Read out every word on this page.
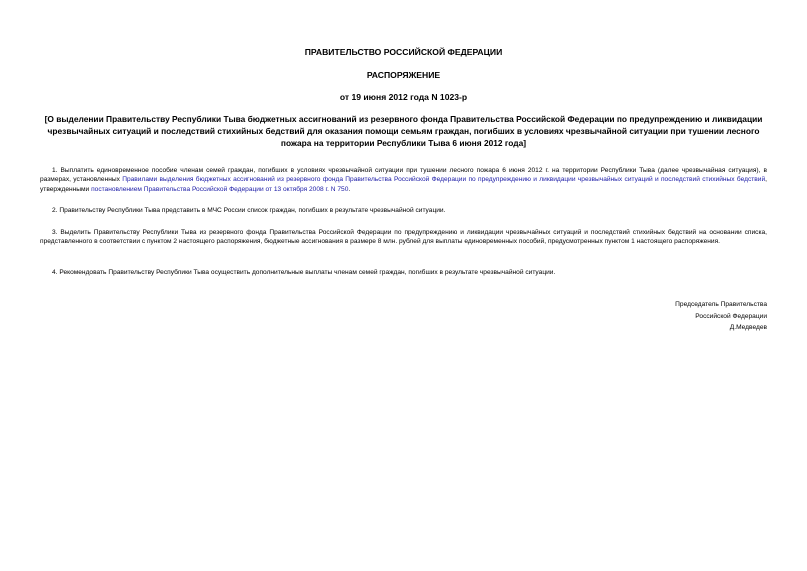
ПРАВИТЕЛЬСТВО РОССИЙСКОЙ ФЕДЕРАЦИИ
РАСПОРЯЖЕНИЕ
от 19 июня 2012 года N 1023-р
[О выделении Правительству Республики Тыва бюджетных ассигнований из резервного фонда Правительства Российской Федерации по предупреждению и ликвидации чрезвычайных ситуаций и последствий стихийных бедствий для оказания помощи семьям граждан, погибших в условиях чрезвычайной ситуации при тушении лесного пожара на территории Республики Тыва 6 июня 2012 года]

1. Выплатить единовременное пособие членам семей граждан, погибших в условиях чрезвычайной ситуации при тушении лесного пожара 6 июня 2012 г. на территории Республики Тыва (далее чрезвычайная ситуация), в размерах, установленных Правилами выделения бюджетных ассигнований из резервного фонда Правительства Российской Федерации по предупреждению и ликвидации чрезвычайных ситуаций и последствий стихийных бедствий, утвержденными постановлением Правительства Российской Федерации от 13 октября 2008 г. N 750.

2. Правительству Республики Тыва представить в МЧС России список граждан, погибших в результате чрезвычайной ситуации.

3. Выделить Правительству Республики Тыва из резервного фонда Правительства Российской Федерации по предупреждению и ликвидации чрезвычайных ситуаций и последствий стихийных бедствий на основании списка, представленного в соответствии с пунктом 2 настоящего распоряжения, бюджетные ассигнования в размере 8 млн. рублей для выплаты единовременных пособий, предусмотренных пунктом 1 настоящего распоряжения.

4. Рекомендовать Правительству Республики Тыва осуществить дополнительные выплаты членам семей граждан, погибших в результате чрезвычайной ситуации.

Председатель Правительства
Российской Федерации
Д.Медведев
